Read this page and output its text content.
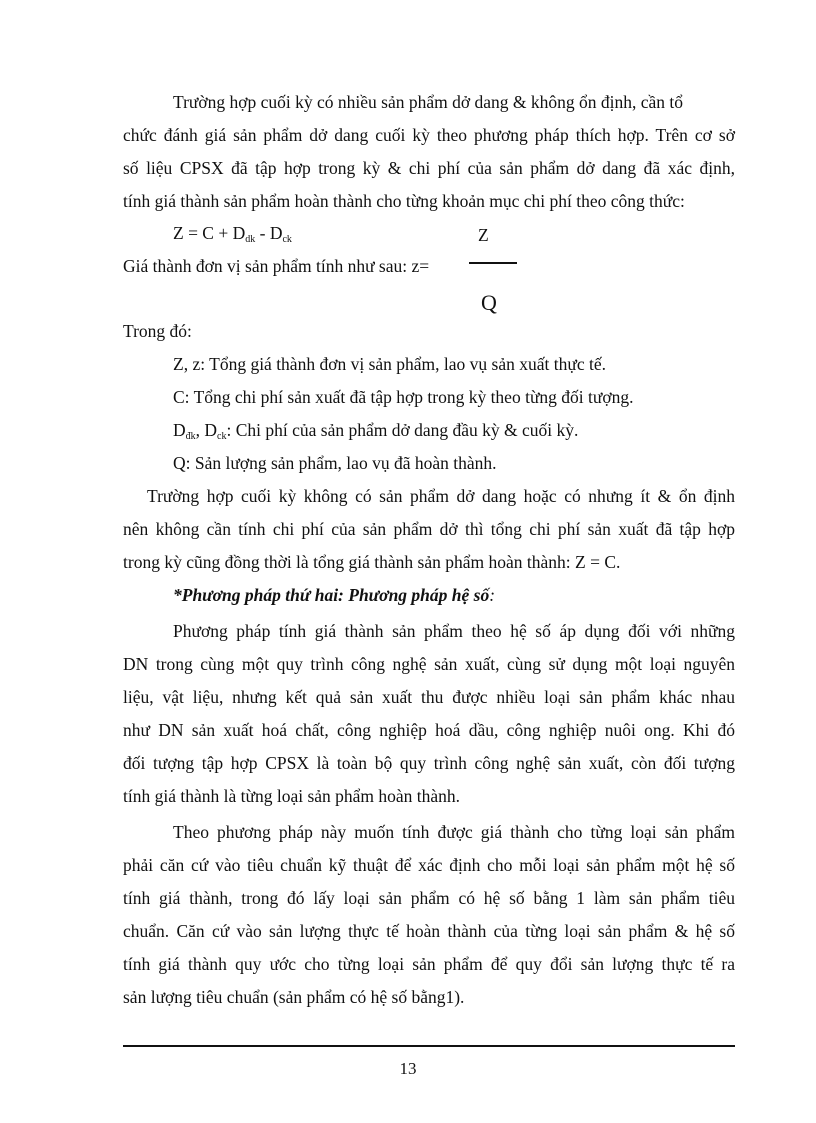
Trường hợp cuối kỳ có nhiều sản phẩm dở dang & không ổn định, cần tổ
chức đánh giá sản phẩm dở dang cuối kỳ theo phương pháp thích hợp. Trên cơ sở
số liệu CPSX đã tập hợp trong kỳ & chi phí của sản phẩm dở dang đã xác định,
tính giá thành sản phẩm hoàn thành cho từng khoản mục chi phí theo công thức:
$Z = C + D_{dk} - D_{ck}$	Z
Giá thành đơn vị sản phẩm tính như sau: z=
Q
Trong đó:
Z, z: Tổng giá thành đơn vị sản phẩm, lao vụ sản xuất thực tế.
C: Tổng chi phí sản xuất đã tập hợp trong kỳ theo từng đối tượng.
$D_{đk}$, $D_{ck}$: Chi phí của sản phẩm dở dang đầu kỳ & cuối kỳ.
Q: Sản lượng sản phẩm, lao vụ đã hoàn thành.
Trường hợp cuối kỳ không có sản phẩm dở dang hoặc có nhưng ít & ổn định
nên không cần tính chi phí của sản phẩm dở thì tổng chi phí sản xuất đã tập hợp
trong kỳ cũng đồng thời là tổng giá thành sản phẩm hoàn thành: Z = C.
*Phương pháp thứ hai: Phương pháp hệ số:
Phương pháp tính giá thành sản phẩm theo hệ số áp dụng đối với những
DN trong cùng một quy trình công nghệ sản xuất, cùng sử dụng một loại nguyên
liệu, vật liệu, nhưng kết quả sản xuất thu được nhiều loại sản phẩm khác nhau
như DN sản xuất hoá chất, công nghiệp hoá dầu, công nghiệp nuôi ong. Khi đó
đối tượng tập hợp CPSX là toàn bộ quy trình công nghệ sản xuất, còn đối tượng
tính giá thành là từng loại sản phẩm hoàn thành.
Theo phương pháp này muốn tính được giá thành cho từng loại sản phẩm
phải căn cứ vào tiêu chuẩn kỹ thuật để xác định cho mỗi loại sản phẩm một hệ số
tính giá thành, trong đó lấy loại sản phẩm có hệ số bằng 1 làm sản phẩm tiêu
chuẩn. Căn cứ vào sản lượng thực tế hoàn thành của từng loại sản phẩm & hệ số
tính giá thành quy ước cho từng loại sản phẩm để quy đổi sản lượng thực tế ra
sản lượng tiêu chuẩn (sản phẩm có hệ số bằng1).
13
